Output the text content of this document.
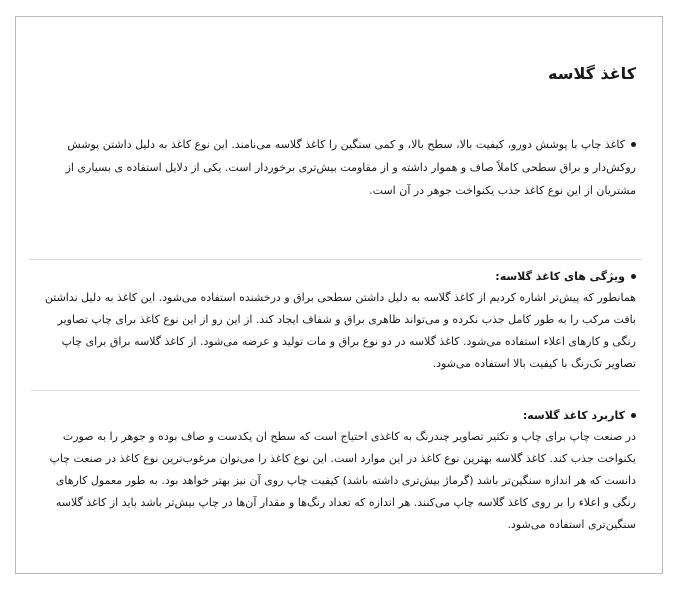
کاغذ گلاسه

کاغذ چاپ با پوشش دورو، کیفیت بالا، سطح بالا، و کمی سنگین را کاغذ گلاسه می‌نامند. این نوع کاغذ به دلیل داشتن پوشش روکش‌دار و براق سطحی کاملاً صاف و هموار داشته و از مقاومت بیش‌تری برخوردار است. یکی از دلایل استفاده ی بسیاری از مشتریان از این نوع کاغذ جذب یکنواخت جوهر در آن است.

ویژگی های کاغذ گلاسه:

همانطور که پیش‌تر اشاره کردیم از کاغذ گلاسه به دلیل داشتن سطحی براق و درخشنده استفاده می‌شود. این کاغذ به دلیل نداشتن بافت مرکب را به طور کامل جذب نکرده و می‌تواند ظاهری براق و شفاف ایجاد کند. از این رو از این نوع کاغذ برای چاپ تصاویر رنگی و کارهای اعلاء استفاده می‌شود. کاغذ گلاسه در دو نوع براق و مات تولید و عرضه می‌شود. از کاغذ گلاسه براق برای چاپ تصاویر تک‌رنگ با کیفیت بالا استفاده می‌شود.

کاربرد کاغذ گلاسه:

در صنعت چاپ برای چاپ و تکثیر تصاویر چندرنگ به کاغذی احتیاج است که سطح ان یکدست و صاف بوده و جوهر را به صورت یکنواخت جذب کند. کاغذ گلاسه بهترین نوع کاغذ در این موارد است. این نوع کاغذ را می‌توان مرغوب‌ترین نوع کاغذ در صنعت چاپ دانست که هر اندازه سنگین‌تر باشد (گرماژ بیش‌تری داشته باشد) کیفیت چاپ روی آن نیز بهتر خواهد بود. به طور معمول کارهای رنگی و اعلاء را بر روی کاغذ گلاسه چاپ می‌کنند. هر اندازه که تعداد رنگ‌ها و مقدار آن‌ها در چاپ بیش‌تر باشد باید از کاغذ گلاسه سنگین‌تری استفاده می‌شود.
